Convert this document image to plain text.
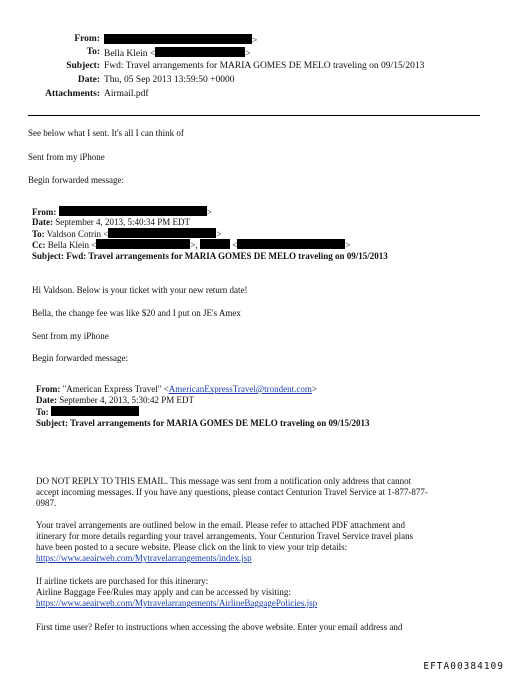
From:	>
To: Bella Klein <	>
Subject: Fwd: Travel arrangements for MARIA GOMES DE MELO traveling on 09/15/2013
Date: Thu, 05 Sep 2013 13:59:50 +0000
Attachments: Airmail.pdf
See below what I sent. It's all I can think of
Sent from my iPhone
Begin forwarded message:
From:	>
Date: September 4, 2013, 5:40:34 PM EDT
To: Valdson Cotrin <	>
Cc: Bella Klein <	>,	<	>
Subject: Fwd: Travel arrangements for MARIA GOMES DE MELO traveling on 09/15/2013
Hi Valdson. Below is your ticket with your new return date!
Bella, the change fee was like $20 and I put on JE's Amex
Sent from my iPhone
Begin forwarded message:
From: "American Express Travel" <AmericanExpressTravel@trondent.com>
Date: September 4, 2013, 5:30:42 PM EDT
To:
Subject: Travel arrangements for MARIA GOMES DE MELO traveling on 09/15/2013
DO NOT REPLY TO THIS EMAIL. This message was sent from a notification only address that cannot
accept incoming messages. If you have any questions, please contact Centurion Travel Service at 1-877-877-
0987.
Your travel arrangements are outlined below in the email. Please refer to attached PDF attachment and
itinerary for more details regarding your travel arrangements. Your Centurion Travel Service travel plans
have been posted to a secure website. Please click on the link to view your trip details:
https://www.aeairweb.com/Mytravelarrangements/index.jsp
If airline tickets are purchased for this itinerary:
Airline Baggage Fee/Rules may apply and can be accessed by visiting:
https://www.aeairweb.com/Mytravelarrangements/AirlineBaggagePolicies.jsp
First time user? Refer to instructions when accessing the above website. Enter your email address and
EFTA00384109
